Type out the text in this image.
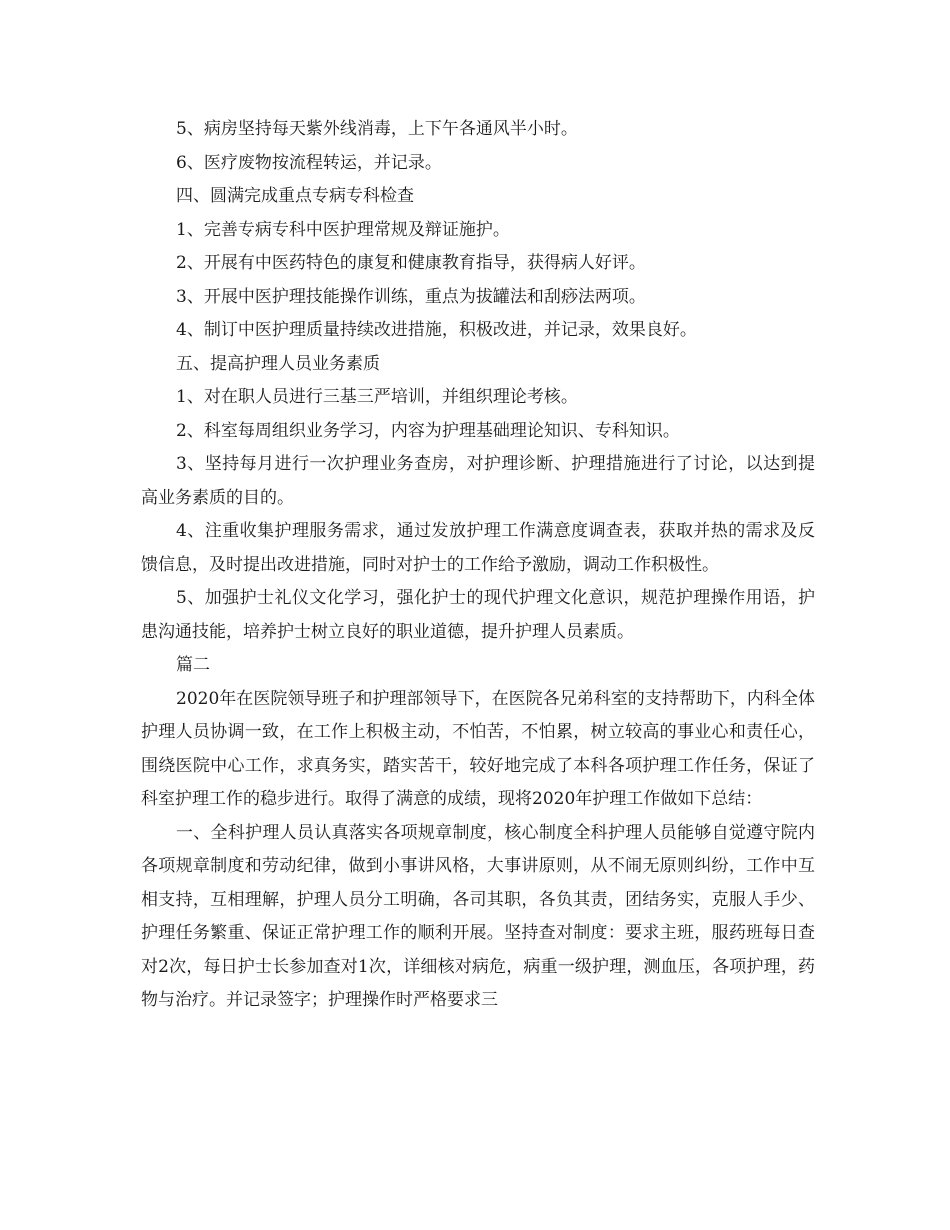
5、病房坚持每天紫外线消毒，上下午各通风半小时。

6、医疗废物按流程转运，并记录。

四、圆满完成重点专病专科检查

1、完善专病专科中医护理常规及辩证施护。

2、开展有中医药特色的康复和健康教育指导，获得病人好评。

3、开展中医护理技能操作训练，重点为拔罐法和刮痧法两项。

4、制订中医护理质量持续改进措施，积极改进，并记录，效果良好。

五、提高护理人员业务素质

1、对在职人员进行三基三严培训，并组织理论考核。

2、科室每周组织业务学习，内容为护理基础理论知识、专科知识。

3、坚持每月进行一次护理业务查房，对护理诊断、护理措施进行了讨论，以达到提高业务素质的目的。

4、注重收集护理服务需求，通过发放护理工作满意度调查表，获取并热的需求及反馈信息，及时提出改进措施，同时对护士的工作给予激励，调动工作积极性。

5、加强护士礼仪文化学习，强化护士的现代护理文化意识，规范护理操作用语，护患沟通技能，培养护士树立良好的职业道德，提升护理人员素质。

篇二

2020年在医院领导班子和护理部领导下，在医院各兄弟科室的支持帮助下，内科全体护理人员协调一致，在工作上积极主动，不怕苦，不怕累，树立较高的事业心和责任心，围绕医院中心工作，求真务实，踏实苦干，较好地完成了本科各项护理工作任务，保证了科室护理工作的稳步进行。取得了满意的成绩，现将2020年护理工作做如下总结：

一、全科护理人员认真落实各项规章制度，核心制度全科护理人员能够自觉遵守院内各项规章制度和劳动纪律，做到小事讲风格，大事讲原则，从不闹无原则纠纷，工作中互相支持，互相理解，护理人员分工明确，各司其职，各负其责，团结务实，克服人手少、护理任务繁重、保证正常护理工作的顺利开展。坚持查对制度：要求主班，服药班每日查对2次，每日护士长参加查对1次，详细核对病危，病重一级护理，测血压，各项护理，药物与治疗。并记录签字；护理操作时严格要求三
